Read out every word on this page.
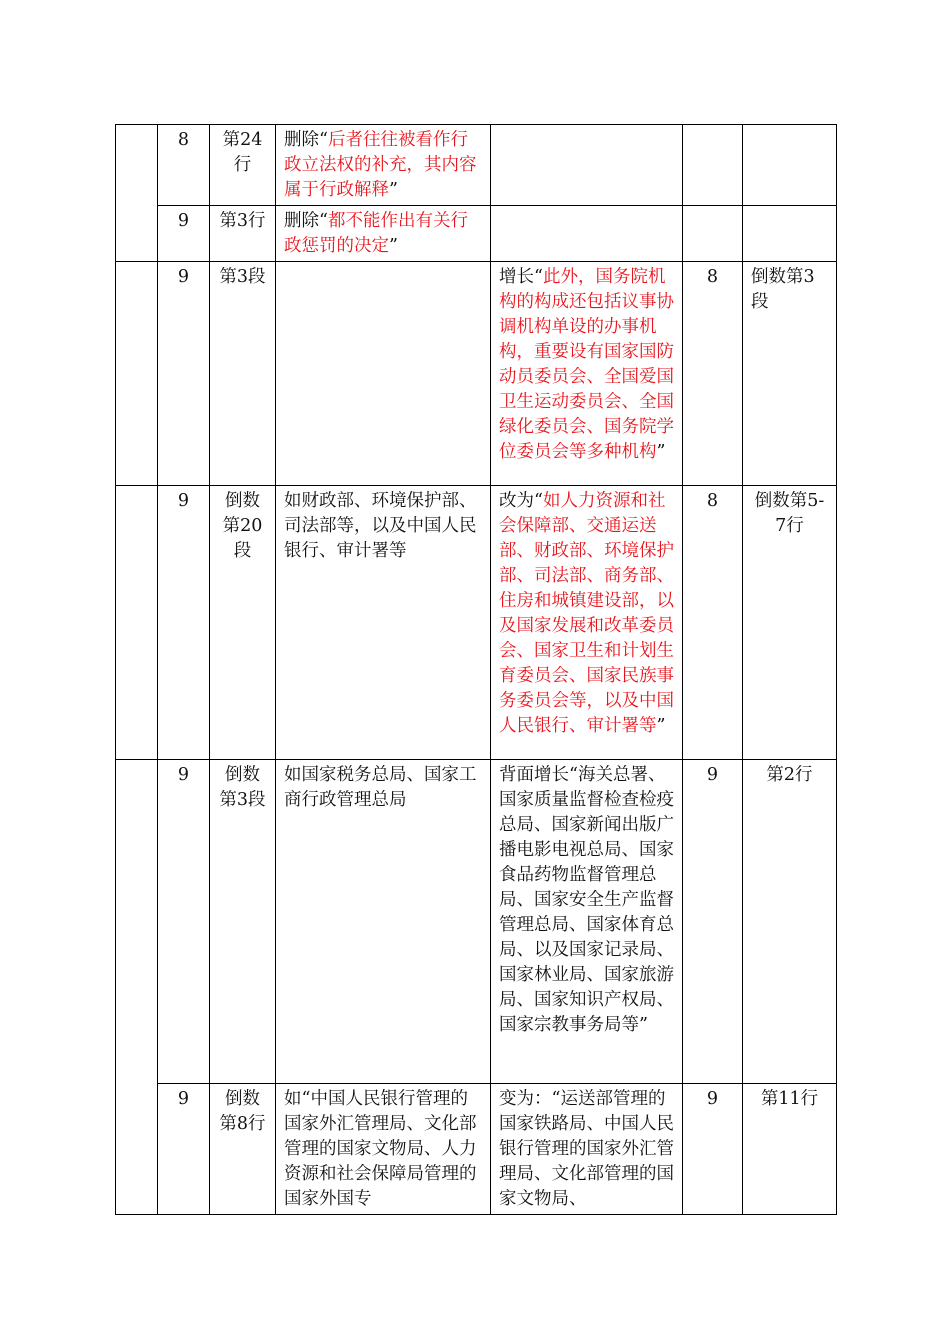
	8	第24行	删除“后者往往被看作行政立法权的补充，其内容属于行政解释”			
	9	第3行	删除“都不能作出有关行政惩罚的决定”			
	9	第3段		增长“此外，国务院机构的构成还包括议事协调机构单设的办事机构，重要设有国家国防动员委员会、全国爱国卫生运动委员会、全国绿化委员会、国务院学位委员会等多种机构”	8	倒数第3段
	9	倒数第20段	如财政部、环境保护部、司法部等，以及中国人民银行、审计署等	改为“如人力资源和社会保障部、交通运送部、财政部、环境保护部、司法部、商务部、住房和城镇建设部，以及国家发展和改革委员会、国家卫生和计划生育委员会、国家民族事务委员会等，以及中国人民银行、审计署等”	8	倒数第5-7行
	9	倒数第3段	如国家税务总局、国家工商行政管理总局	背面增长“海关总署、国家质量监督检查检疫总局、国家新闻出版广播电影电视总局、国家食品药物监督管理总局、国家安全生产监督管理总局、国家体育总局、以及国家记录局、国家林业局、国家旅游局、国家知识产权局、国家宗教事务局等”	9	第2行
	9	倒数第8行	如“中国人民银行管理的国家外汇管理局、文化部管理的国家文物局、人力资源和社会保障局管理的国家外国专	变为：“运送部管理的国家铁路局、中国人民银行管理的国家外汇管理局、文化部管理的国家文物局、	9	第11行
